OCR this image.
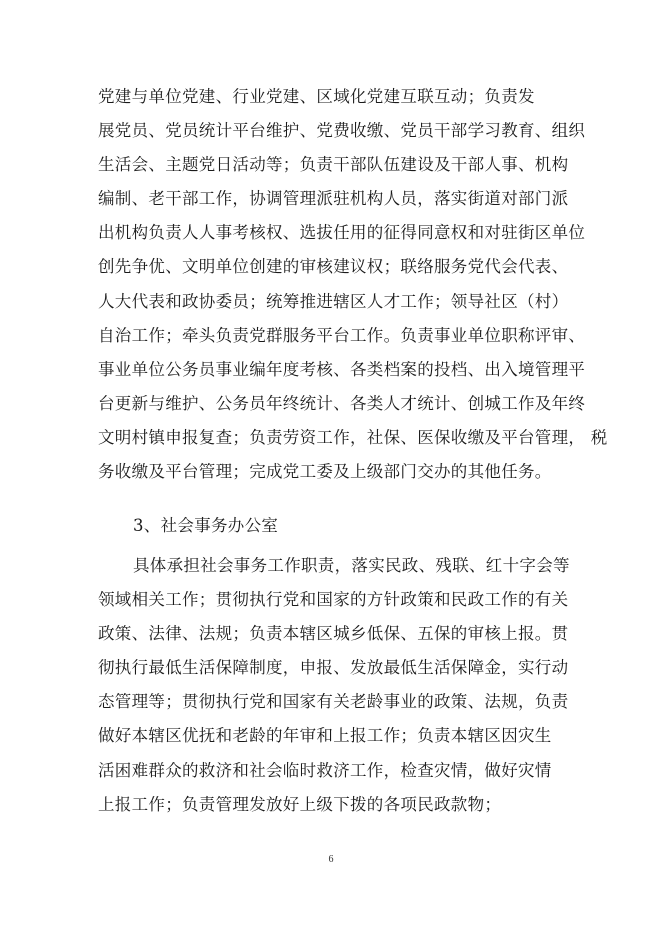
党建与单位党建、行业党建、区域化党建互联互动；负责发
展党员、党员统计平台维护、党费收缴、党员干部学习教育、组织
生活会、主题党日活动等；负责干部队伍建设及干部人事、机构
编制、老干部工作，协调管理派驻机构人员，落实街道对部门派
出机构负责人人事考核权、选拔任用的征得同意权和对驻街区单位
创先争优、文明单位创建的审核建议权；联络服务党代会代表、
人大代表和政协委员；统筹推进辖区人才工作；领导社区（村）
自治工作；牵头负责党群服务平台工作。负责事业单位职称评审、
事业单位公务员事业编年度考核、各类档案的投档、出入境管理平
台更新与维护、公务员年终统计、各类人才统计、创城工作及年终
文明村镇申报复查；负责劳资工作，社保、医保收缴及平台管理， 税
务收缴及平台管理；完成党工委及上级部门交办的其他任务。
3、社会事务办公室
具体承担社会事务工作职责，落实民政、残联、红十字会等
领域相关工作；贯彻执行党和国家的方针政策和民政工作的有关
政策、法律、法规；负责本辖区城乡低保、五保的审核上报。贯
彻执行最低生活保障制度，申报、发放最低生活保障金，实行动
态管理等；贯彻执行党和国家有关老龄事业的政策、法规，负责
做好本辖区优抚和老龄的年审和上报工作；负责本辖区因灾生
活困难群众的救济和社会临时救济工作，检查灾情，做好灾情
上报工作；负责管理发放好上级下拨的各项民政款物；
6
